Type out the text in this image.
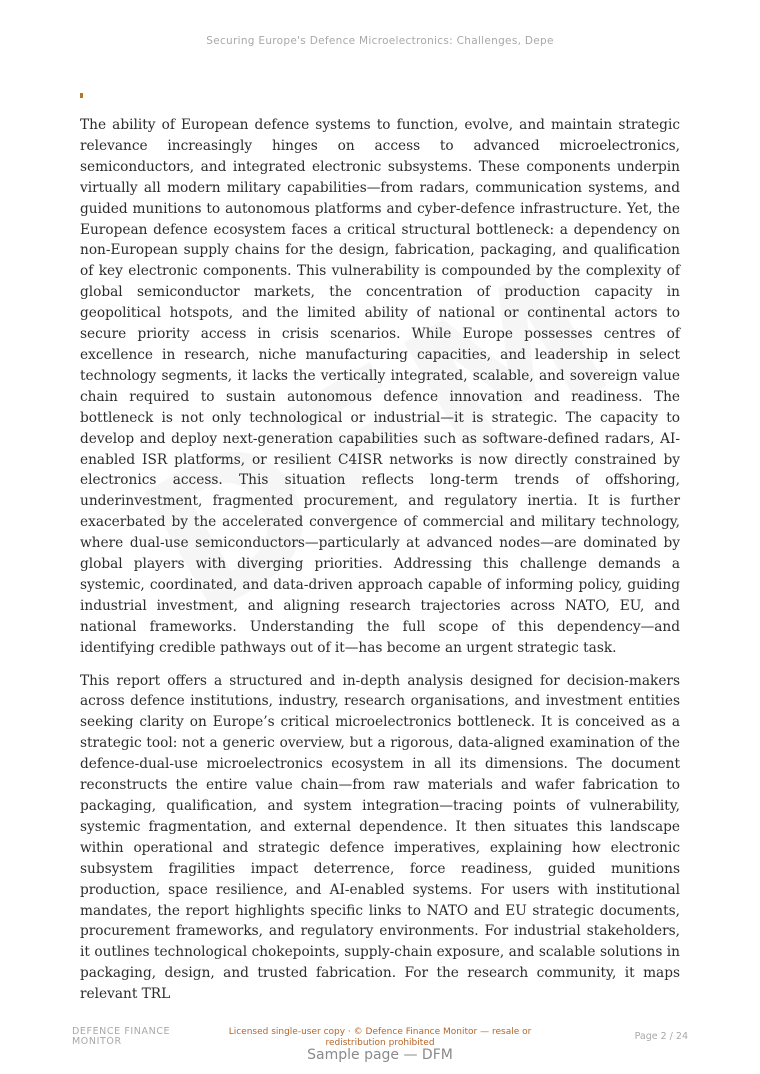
Securing Europe's Defence Microelectronics: Challenges, Depe

The ability of European defence systems to function, evolve, and maintain strategic relevance increasingly hinges on access to advanced microelectronics, semiconductors, and integrated electronic subsystems. These components underpin virtually all modern military capabilities—from radars, communication systems, and guided munitions to autonomous platforms and cyber-defence infrastructure. Yet, the European defence ecosystem faces a critical structural bottleneck: a dependency on non-European supply chains for the design, fabrication, packaging, and qualification of key electronic components. This vulnerability is compounded by the complexity of global semiconductor markets, the concentration of production capacity in geopolitical hotspots, and the limited ability of national or continental actors to secure priority access in crisis scenarios. While Europe possesses centres of excellence in research, niche manufacturing capacities, and leadership in select technology segments, it lacks the vertically integrated, scalable, and sovereign value chain required to sustain autonomous defence innovation and readiness. The bottleneck is not only technological or industrial—it is strategic. The capacity to develop and deploy next-generation capabilities such as software-defined radars, AI-enabled ISR platforms, or resilient C4ISR networks is now directly constrained by electronics access. This situation reflects long-term trends of offshoring, underinvestment, fragmented procurement, and regulatory inertia. It is further exacerbated by the accelerated convergence of commercial and military technology, where dual-use semiconductors—particularly at advanced nodes—are dominated by global players with diverging priorities. Addressing this challenge demands a systemic, coordinated, and data-driven approach capable of informing policy, guiding industrial investment, and aligning research trajectories across NATO, EU, and national frameworks. Understanding the full scope of this dependency—and identifying credible pathways out of it—has become an urgent strategic task.

This report offers a structured and in-depth analysis designed for decision-makers across defence institutions, industry, research organisations, and investment entities seeking clarity on Europe’s critical microelectronics bottleneck. It is conceived as a strategic tool: not a generic overview, but a rigorous, data-aligned examination of the defence-dual-use microelectronics ecosystem in all its dimensions. The document reconstructs the entire value chain—from raw materials and wafer fabrication to packaging, qualification, and system integration—tracing points of vulnerability, systemic fragmentation, and external dependence. It then situates this landscape within operational and strategic defence imperatives, explaining how electronic subsystem fragilities impact deterrence, force readiness, guided munitions production, space resilience, and AI-enabled systems. For users with institutional mandates, the report highlights specific links to NATO and EU strategic documents, procurement frameworks, and regulatory environments. For industrial stakeholders, it outlines technological chokepoints, supply-chain exposure, and scalable solutions in packaging, design, and trusted fabrication. For the research community, it maps relevant TRL

DEFENCE FINANCE
MONITOR
Licensed single-user copy · © Defence Finance Monitor — resale or redistribution prohibited
Page 2 / 24
Sample page — DFM
